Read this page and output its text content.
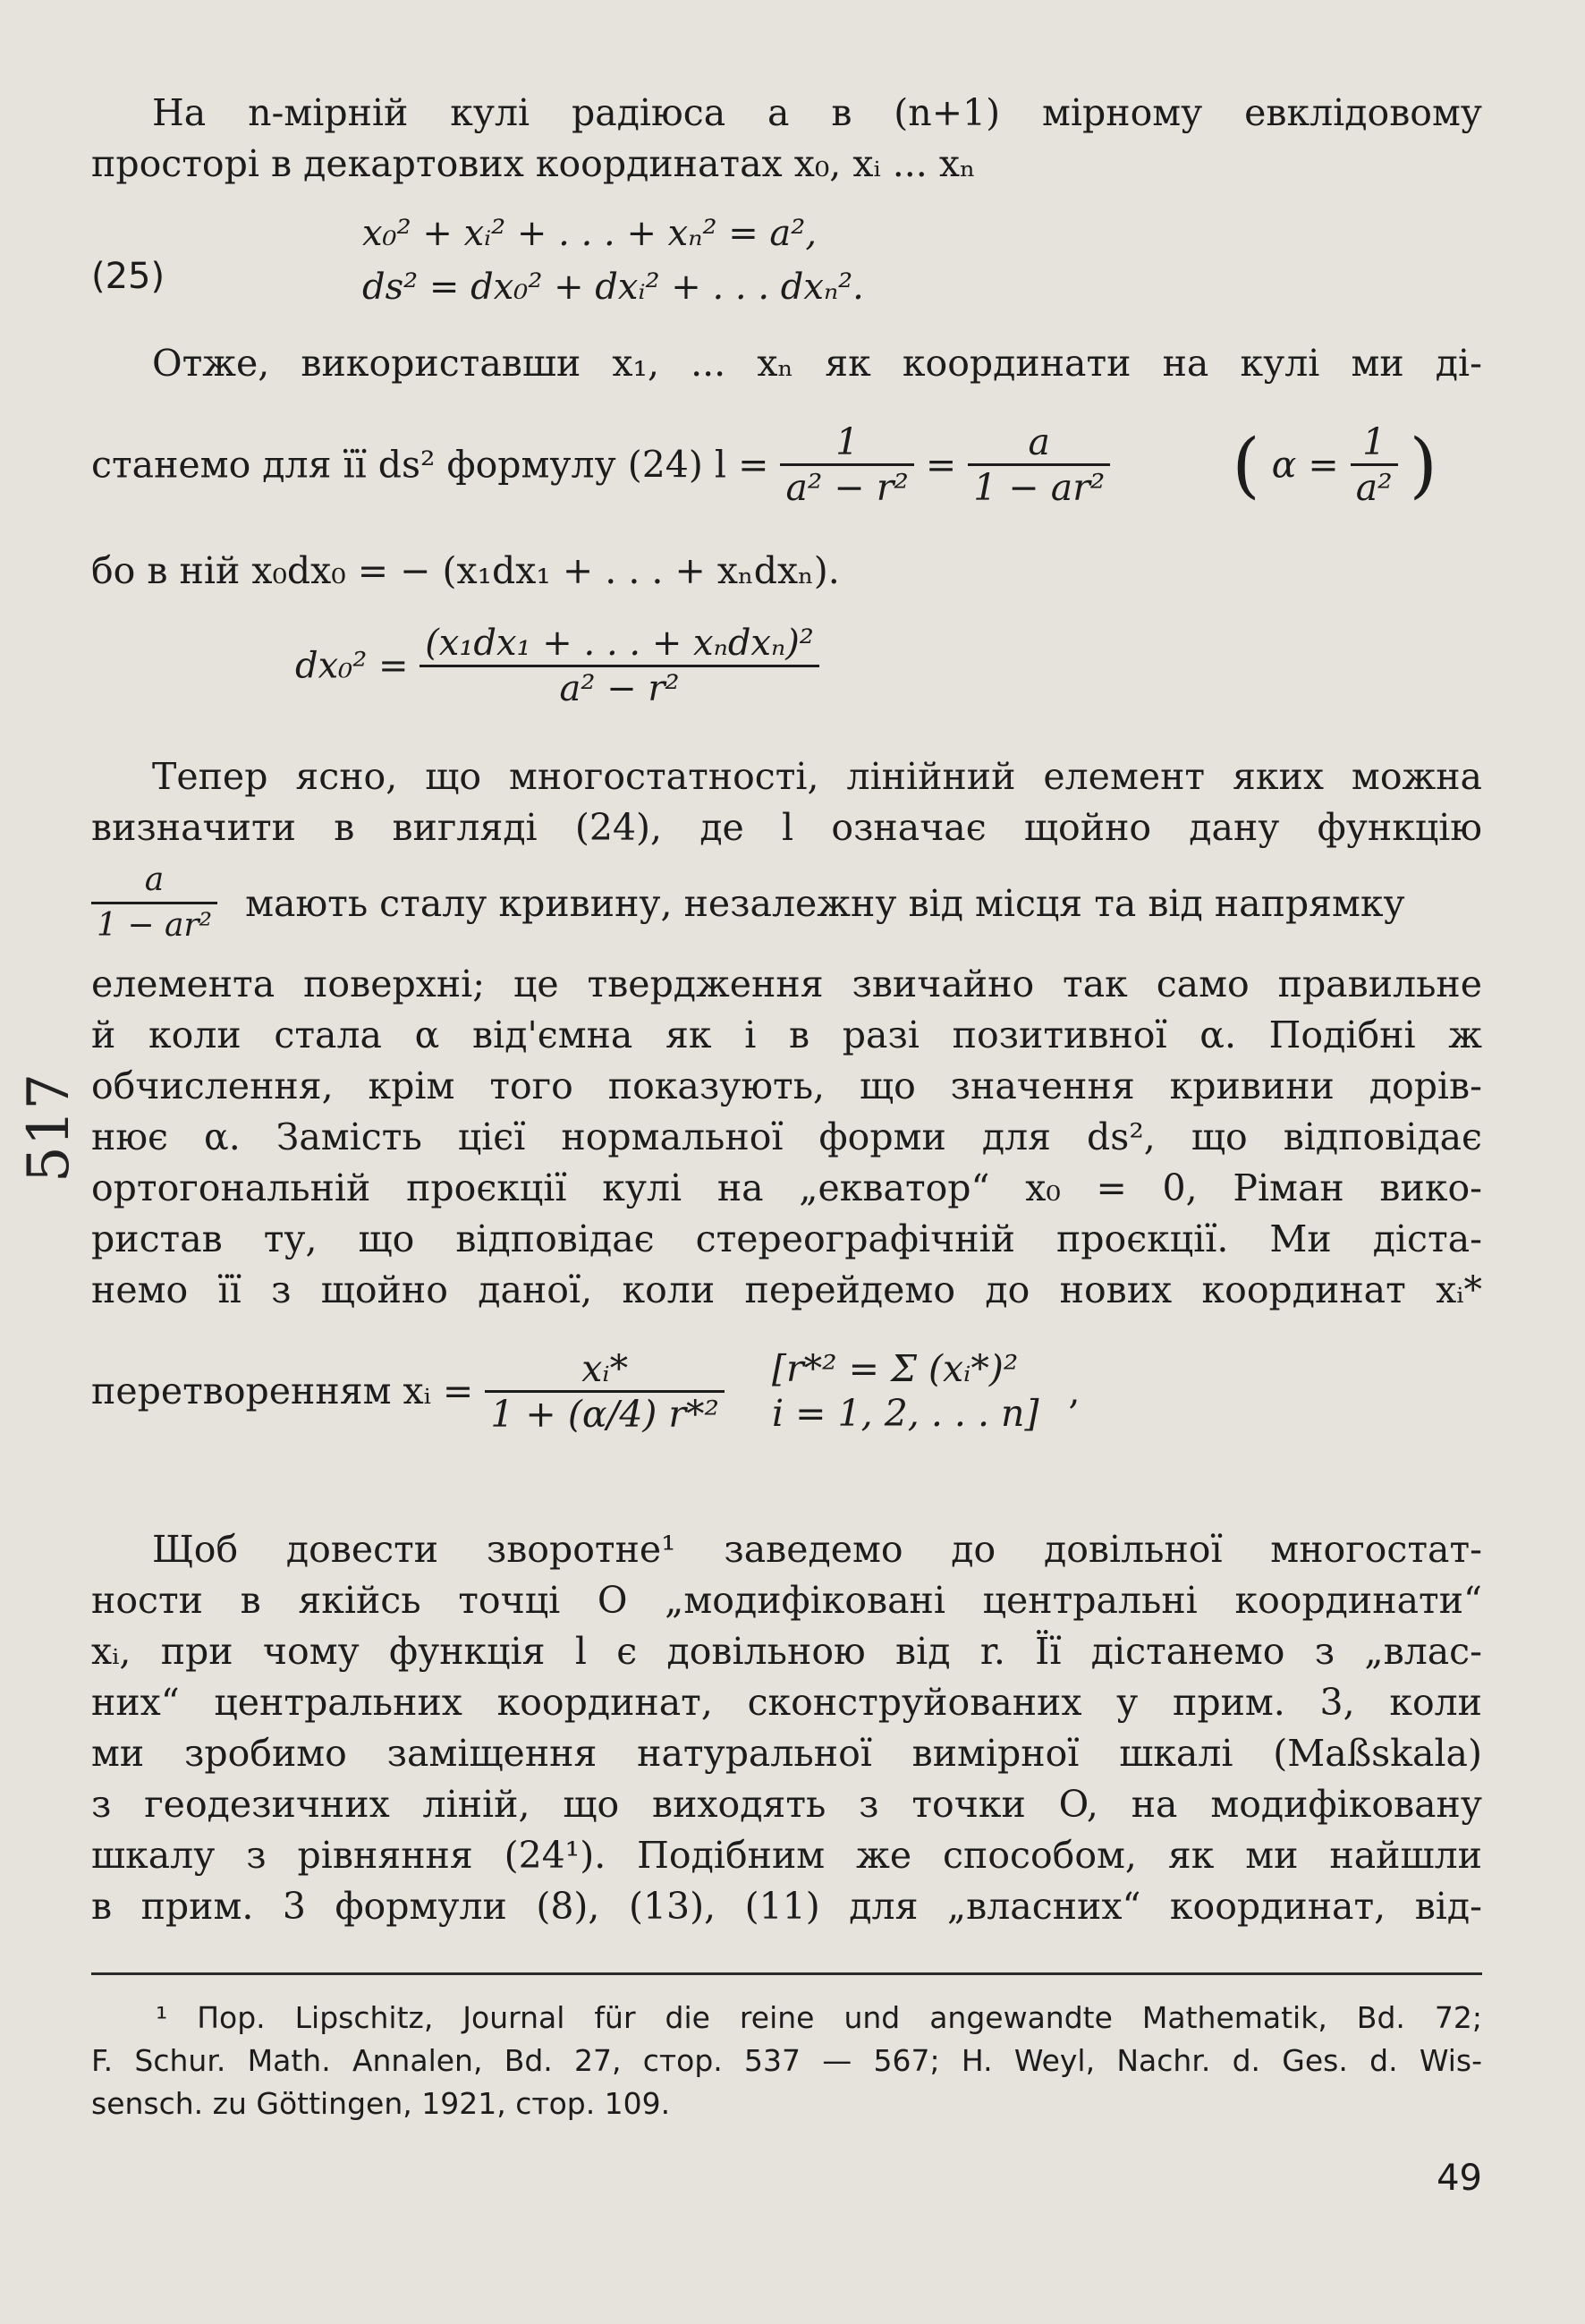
На n-мірній кулі радіюса a в (n+1) мірному евклідовому
просторі в декартових координатах x₀, xᵢ ... xₙ
(25)
x₀² + xᵢ² + . . . + xₙ² = a²,
ds² = dx₀² + dxᵢ² + . . . dxₙ².
Отже, використавши x₁, ... xₙ як координати на кулі ми ді-
станемо для її ds² формулу (24) $l = \frac{1}{\text{a² − r²}} = \frac{a}{\text{1 − ar²}}$ ( $\alpha = \frac{1}{\text{a²}}$ )
бо в ній x₀dx₀ = − (x₁dx₁ + . . . + xₙdxₙ).
$dx_0^2 = \frac{\text{(x₁dx₁ + . . . + xₙdxₙ)²}}{\text{a² − r²}}$
Тепер ясно, що многостатності, лінійний елемент яких можна
визначити в вигляді (24), де l означає щойно дану функцію
$\frac{a}{\text{1 − ar²}}$ мають сталу кривину, незалежну від місця та від напрямку
елемента поверхні; це твердження звичайно так само правильне
й коли стала α від'ємна як і в разі позитивної α. Подібні ж
обчислення, крім того показують, що значення кривини дорів-
нює α. Замість цієї нормальної форми для ds², що відповідає
ортогональній проєкції кулі на „екватор“ x₀ = 0, Ріман вико-
ристав ту, що відповідає стереографічній проєкції. Ми діста-
немо її з щойно даної, коли перейдемо до нових координат xᵢ*
перетворенням xᵢ = $\frac{\text{xᵢ*}}{\text{1 + (α/4) r*²}}$
[r*² = Σ (xᵢ*)²
i = 1, 2, . . . n]
,
Щоб довести зворотне¹ заведемо до довільної многостат-
ности в якійсь точці O „модифіковані центральні координати“
xᵢ, при чому функція l є довільною від r. Її дістанемо з „влас-
них“ центральних координат, сконструйованих у прим. 3, коли
ми зробимо заміщення натуральної вимірної шкалі (Maßskala)
з геодезичних ліній, що виходять з точки O, на модифіковану
шкалу з рівняння (24¹). Подібним же способом, як ми найшли
в прим. 3 формули (8), (13), (11) для „власних“ координат, від-
¹ Пор. Lipschitz, Journal für die reine und angewandte Mathematik, Bd. 72;
F. Schur. Math. Annalen, Bd. 27, стор. 537 — 567; H. Weyl, Nachr. d. Ges. d. Wis-
sensch. zu Göttingen, 1921, стор. 109.
49
517
